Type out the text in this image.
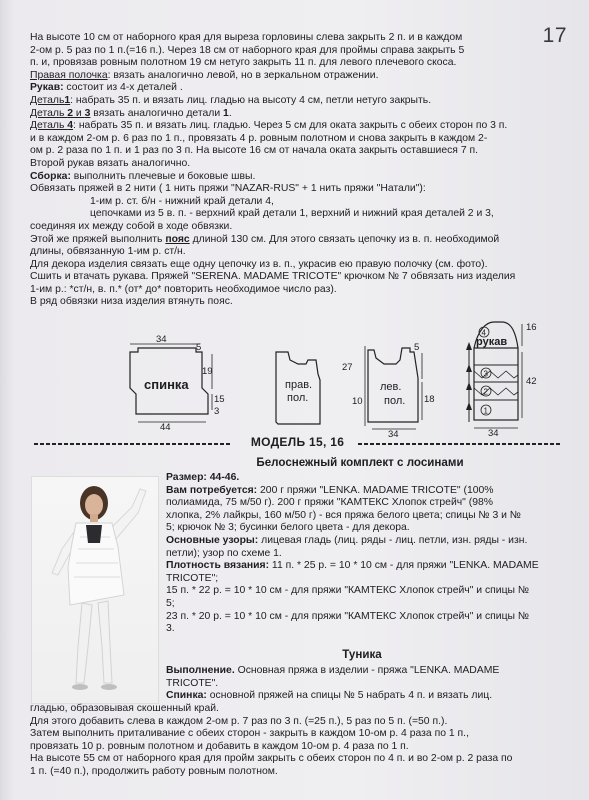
17

На высоте 10 см от наборного края для выреза горловины слева закрыть 2 п. и в каждом

2-ом р. 5 раз по 1 п.(=16 п.). Через 18 см от наборного края для проймы справа закрыть 5

п. и, провязав ровным полотном 19 см нетуго закрыть 11 п. для левого плечевого скоса.

Правая полочка: вязать аналогично левой, но в зеркальном отражении.

Рукав: состоит из 4-х деталей .

Деталь1: набрать 35 п. и вязать лиц. гладью на высоту 4 см, петли нетуго закрыть.

Деталь 2 и 3 вязать аналогично детали 1.

Деталь 4: набрать 35 п. и вязать лиц. гладью. Через 5 см для оката закрыть с обеих сторон по 3 п.

и в каждом 2-ом р. 6 раз по 1 п., провязать 4 р. ровным полотном и снова закрыть в каждом 2-

ом р. 2 раза по 1 п. и 1 раз по 3 п. На высоте 16 см от начала оката закрыть оставшиеся 7 п.

Второй рукав вязать аналогично.

Сборка: выполнить плечевые и боковые швы.

Обвязать пряжей в 2 нити ( 1 нить пряжи "NAZAR-RUS" + 1 нить пряжи "Натали"):

1-им р. ст. б/н - нижний край детали 4,

цепочками из 5 в. п. - верхний край детали 1, верхний и нижний края деталей 2 и 3,

соединяя их между собой в ходе обвязки.

Этой же пряжей выполнить пояс длиной 130 см. Для этого связать цепочку из в. п. необходимой

длины, обвязанную 1-им р. ст/н.

Для декора изделия связать еще одну цепочку из в. п., украсив ею правую полочку (см. фото).

Сшить и втачать рукава. Пряжей "SERENA. MADAME TRICOTE" крючком № 7 обвязать низ изделия

1-им р.: *ст/н, в. п.* (от* до* повторить необходимое число раз).

В ряд обвязки низа изделия втянуть пояс.

34
5
19
15
3
44
спинка	прав.
пол.
27
5
18
10
34
лев.
пол.
рукав
4
3
2
1
16
42
34
МОДЕЛЬ 15, 16
Белоснежный комплект с лосинами

Размер: 44-46.

Вам потребуется: 200 г пряжи "LENKA. MADAME TRICOTE" (100%

полиамида, 75 м/50 г). 200 г пряжи "КАМТЕКС Хлопок стрейч" (98%

хлопка, 2% лайкры, 160 м/50 г) - вся пряжа белого цвета; спицы № 3 и №

5; крючок № 3; бусинки белого цвета - для декора.

Основные узоры: лицевая гладь (лиц. ряды - лиц. петли, изн. ряды - изн.

петли); узор по схеме 1.

Плотность вязания: 11 п. * 25 р. = 10 * 10 см - для пряжи "LENKA. MADAME

TRICOTE";

15 п. * 22 р. = 10 * 10 см - для пряжи "КАМТЕКС Хлопок стрейч" и спицы №

5;

23 п. * 20 р. = 10 * 10 см - для пряжи "КАМТЕКС Хлопок стрейч" и спицы №

3.

Туника

Выполнение. Основная пряжа в изделии - пряжа "LENKA. MADAME

TRICOTE".

Спинка: основной пряжей на спицы № 5 набрать 4 п. и вязать лиц.

гладью, образовывая скошенный край.

Для этого добавить слева в каждом 2-ом р. 7 раз по 3 п. (=25 п.), 5 раз по 5 п. (=50 п.).

Затем выполнить приталивание с обеих сторон - закрыть в каждом 10-ом р. 4 раза по 1 п.,

провязать 10 р. ровным полотном и добавить в каждом 10-ом р. 4 раза по 1 п.

На высоте 55 см от наборного края для пройм закрыть с обеих сторон по 4 п. и во 2-ом р. 2 раза по

1 п. (=40 п.), продолжить работу ровным полотном.
